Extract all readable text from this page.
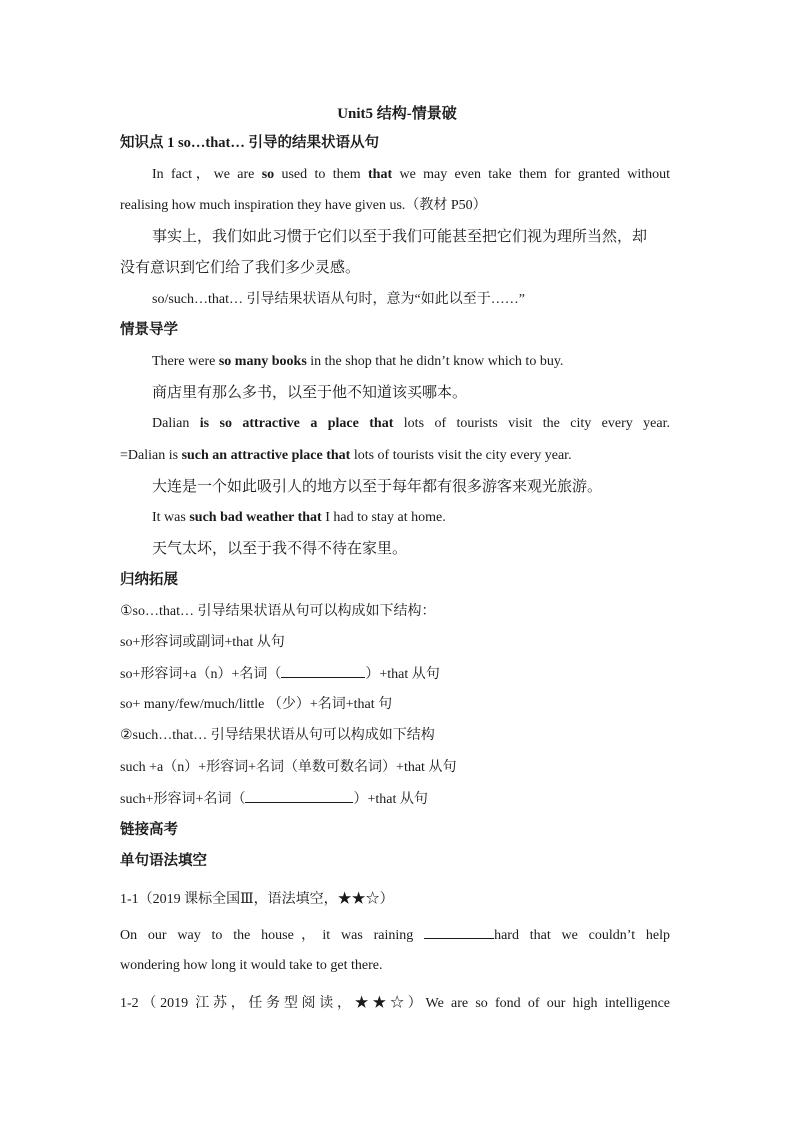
Unit5 结构-情景破
知识点 1 so…that… 引导的结果状语从句
In fact，we are so used to them that we may even take them for granted without
realising how much inspiration they have given us.（教材 P50）
事实上，我们如此习惯于它们以至于我们可能甚至把它们视为理所当然，却
没有意识到它们给了我们多少灵感。
so/such…that… 引导结果状语从句时，意为“如此以至于……”
情景导学
There were so many books in the shop that he didn’t know which to buy.
商店里有那么多书，以至于他不知道该买哪本。
Dalian is so attractive a place that lots of tourists visit the city every year.
=Dalian is such an attractive place that lots of tourists visit the city every year.
大连是一个如此吸引人的地方以至于每年都有很多游客来观光旅游。
It was such bad weather that I had to stay at home.
天气太坏，以至于我不得不待在家里。
归纳拓展
①so…that… 引导结果状语从句可以构成如下结构：
so+形容词或副词+that 从句
so+形容词+a（n）+名词（	）+that 从句
so+ many/few/much/little （少）+名词+that 句
②such…that… 引导结果状语从句可以构成如下结构
such +a（n）+形容词+名词（单数可数名词）+that 从句
such+形容词+名词（	）+that 从句
链接高考
单句语法填空
1-1（2019 课标全国Ⅲ，语法填空，★★☆）
On our way to the house，it was raining	hard that we couldn’t help
wondering how long it would take to get there.
1-2（2019 江苏，任务型阅读，★★☆）We are so fond of our high intelligence
